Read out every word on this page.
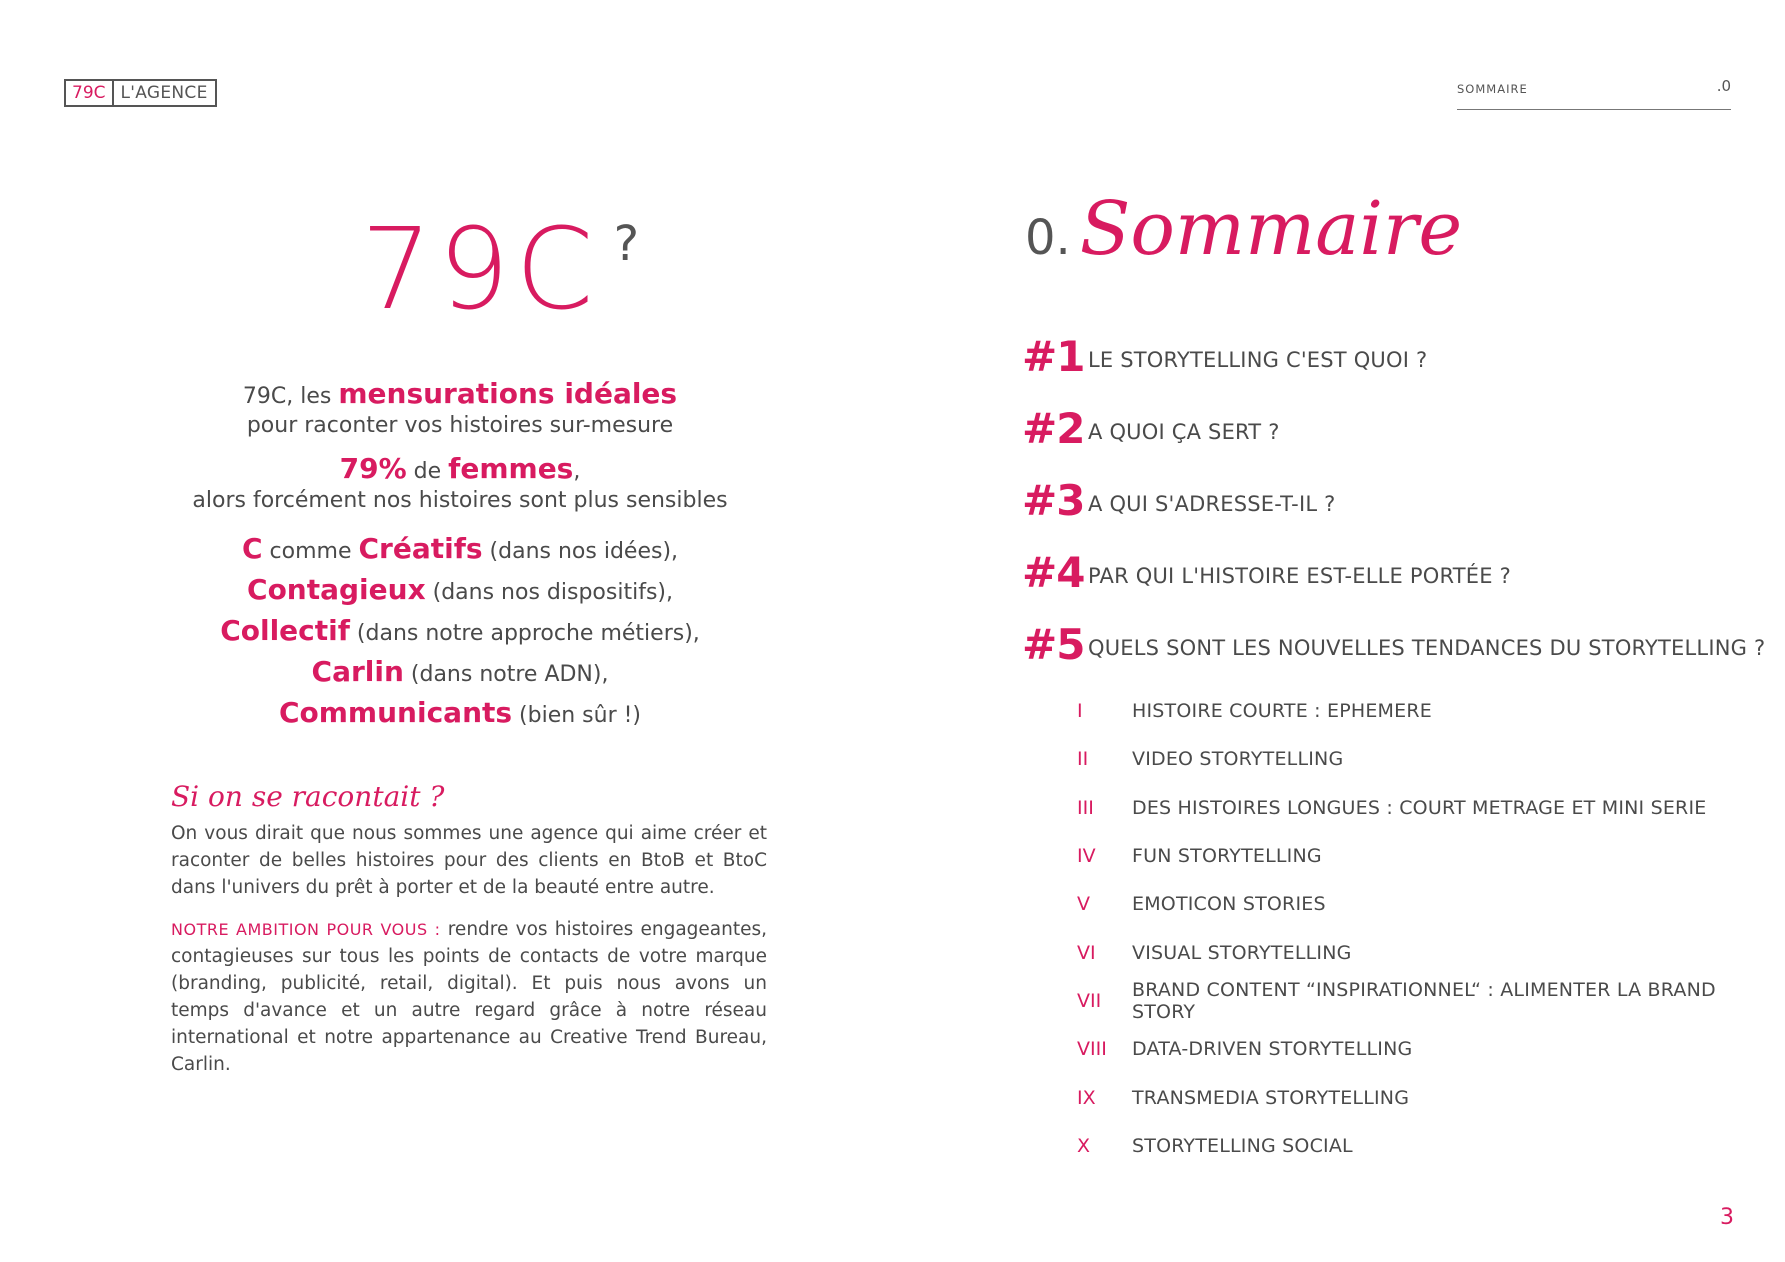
79C L'AGENCE	SOMMAIRE	.0
79C ?
79C, les mensurations idéales
pour raconter vos histoires sur-mesure
79% de femmes,
alors forcément nos histoires sont plus sensibles
C comme Créatifs (dans nos idées),
Contagieux (dans nos dispositifs),
Collectif (dans notre approche métiers),
Carlin (dans notre ADN),
Communicants (bien sûr !)
Si on se racontait ?

On vous dirait que nous sommes une agence qui aime créer et raconter de belles histoires pour des clients en BtoB et BtoC dans l'univers du prêt à porter et de la beauté entre autre.

NOTRE AMBITION POUR VOUS : rendre vos histoires engageantes, contagieuses sur tous les points de contacts de votre marque (branding, publicité, retail, digital). Et puis nous avons un temps d'avance et un autre regard grâce à notre réseau international et notre appartenance au Creative Trend Bureau, Carlin.

0. Sommaire
#1 LE STORYTELLING C'EST QUOI ?
#2 A QUOI ÇA SERT ?
#3 A QUI S'ADRESSE-T-IL ?
#4 PAR QUI L'HISTOIRE EST-ELLE PORTÉE ?
#5 QUELS SONT LES NOUVELLES TENDANCES DU STORYTELLING ?
I	HISTOIRE COURTE : EPHEMERE
II	VIDEO STORYTELLING
III	DES HISTOIRES LONGUES : COURT METRAGE ET MINI SERIE
IV	FUN STORYTELLING
V	EMOTICON STORIES
VI	VISUAL STORYTELLING
VII	BRAND CONTENT “INSPIRATIONNEL“ : ALIMENTER LA BRAND STORY
VIII	DATA-DRIVEN STORYTELLING
IX	TRANSMEDIA STORYTELLING
X	STORYTELLING SOCIAL
3
